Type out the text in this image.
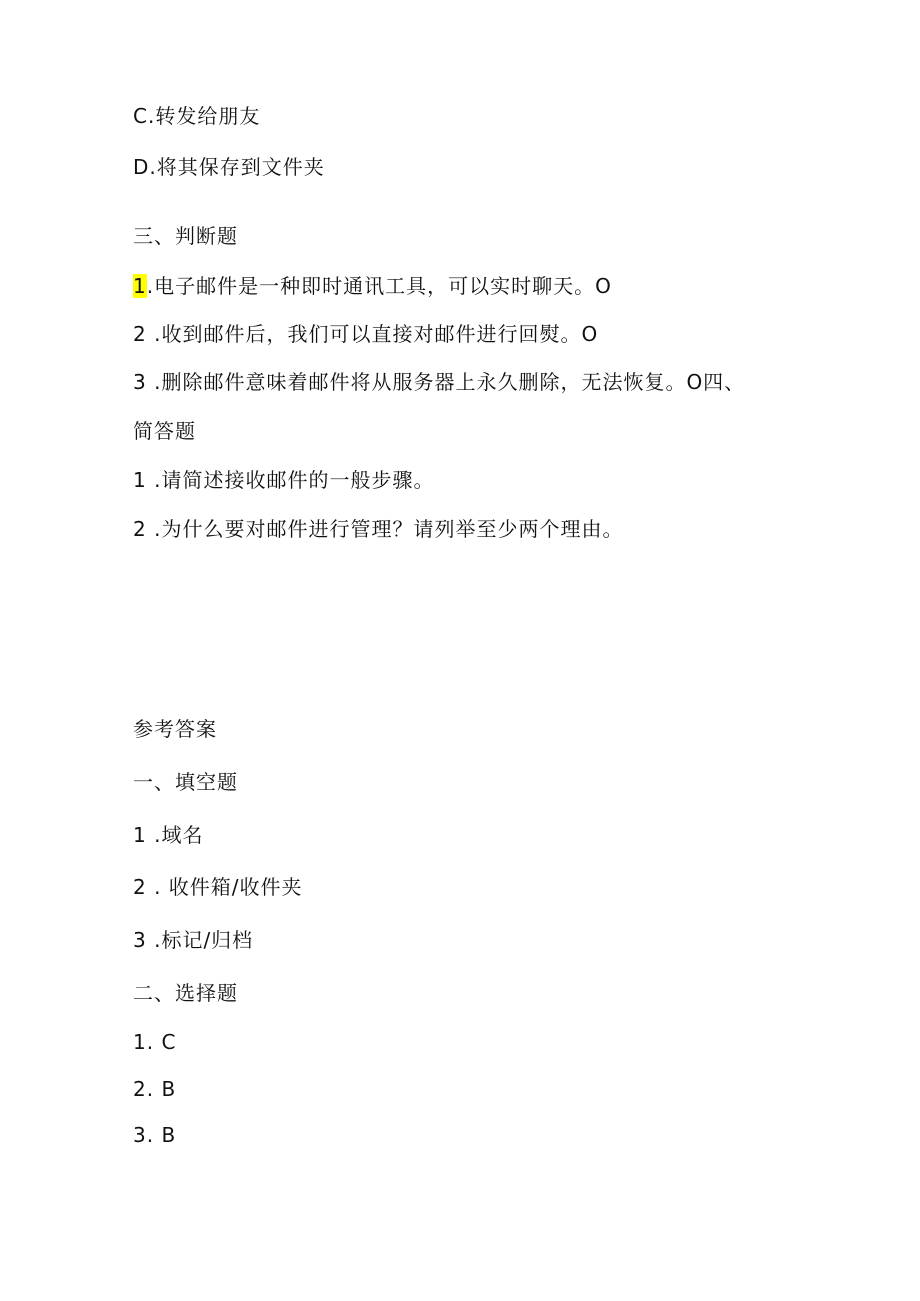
C.转发给朋友
D.将其保存到文件夹
三、判断题
1.电子邮件是一种即时通讯工具，可以实时聊天。O
2 .收到邮件后，我们可以直接对邮件进行回熨。O
3 .删除邮件意味着邮件将从服务器上永久删除，无法恢复。O四、
简答题
1 .请简述接收邮件的一般步骤。
2 .为什么要对邮件进行管理？请列举至少两个理由。
参考答案
一、填空题
1 .域名
2 . 收件箱/收件夹
3 .标记/归档
二、选择题
1. C
2. B
3. B
